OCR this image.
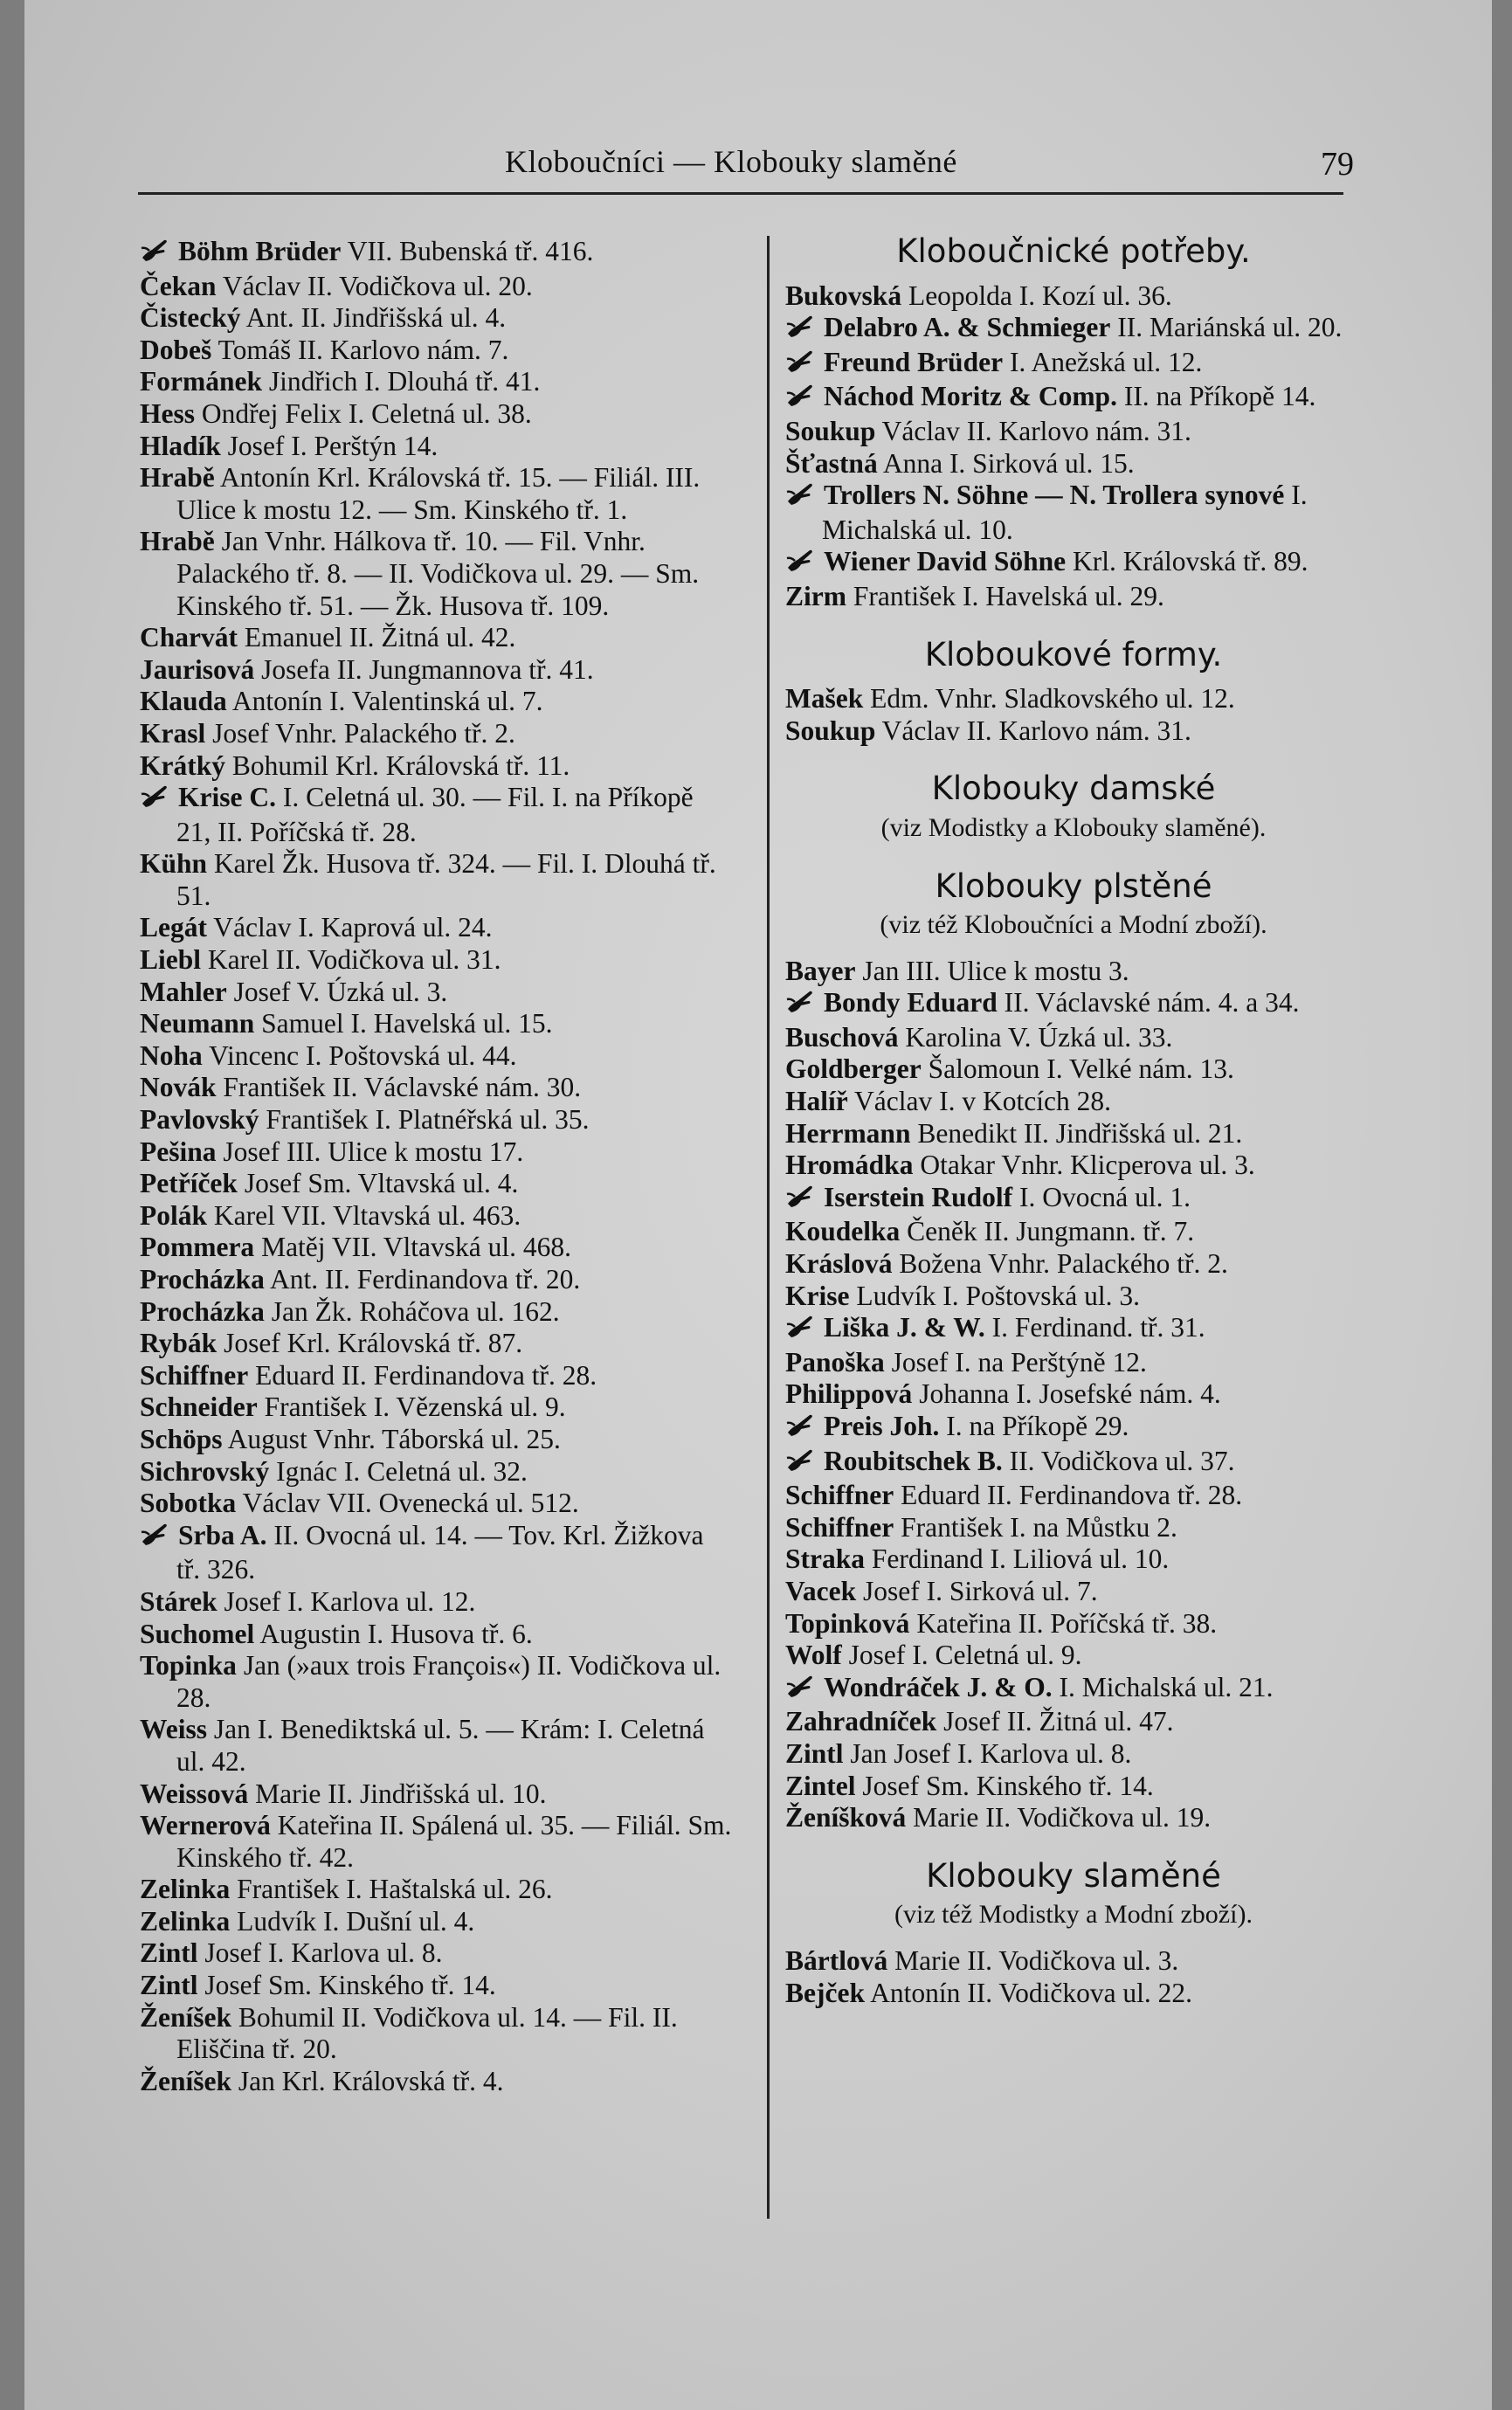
Kloboučníci — Klobouky slaměné	79

Böhm Brüder VII. Bubenská tř. 416.

Čekan Václav II. Vodičkova ul. 20.

Čistecký Ant. II. Jindřišská ul. 4.

Dobeš Tomáš II. Karlovo nám. 7.

Formánek Jindřich I. Dlouhá tř. 41.

Hess Ondřej Felix I. Celetná ul. 38.

Hladík Josef I. Perštýn 14.

Hrabě Antonín Krl. Královská tř. 15. — Filiál. III. Ulice k mostu 12. — Sm. Kinského tř. 1.

Hrabě Jan Vnhr. Hálkova tř. 10. — Fil. Vnhr. Palackého tř. 8. — II. Vodičkova ul. 29. — Sm. Kinského tř. 51. — Žk. Husova tř. 109.

Charvát Emanuel II. Žitná ul. 42.

Jaurisová Josefa II. Jungmannova tř. 41.

Klauda Antonín I. Valentinská ul. 7.

Krasl Josef Vnhr. Palackého tř. 2.

Krátký Bohumil Krl. Královská tř. 11.

Krise C. I. Celetná ul. 30. — Fil. I. na Příkopě 21, II. Poříčská tř. 28.

Kühn Karel Žk. Husova tř. 324. — Fil. I. Dlouhá tř. 51.

Legát Václav I. Kaprová ul. 24.

Liebl Karel II. Vodičkova ul. 31.

Mahler Josef V. Úzká ul. 3.

Neumann Samuel I. Havelská ul. 15.

Noha Vincenc I. Poštovská ul. 44.

Novák František II. Václavské nám. 30.

Pavlovský František I. Platnéřská ul. 35.

Pešina Josef III. Ulice k mostu 17.

Petříček Josef Sm. Vltavská ul. 4.

Polák Karel VII. Vltavská ul. 463.

Pommera Matěj VII. Vltavská ul. 468.

Procházka Ant. II. Ferdinandova tř. 20.

Procházka Jan Žk. Roháčova ul. 162.

Rybák Josef Krl. Královská tř. 87.

Schiffner Eduard II. Ferdinandova tř. 28.

Schneider František I. Vězenská ul. 9.

Schöps August Vnhr. Táborská ul. 25.

Sichrovský Ignác I. Celetná ul. 32.

Sobotka Václav VII. Ovenecká ul. 512.

Srba A. II. Ovocná ul. 14. — Tov. Krl. Žižkova tř. 326.

Stárek Josef I. Karlova ul. 12.

Suchomel Augustin I. Husova tř. 6.

Topinka Jan (»aux trois François«) II. Vodičkova ul. 28.

Weiss Jan I. Benediktská ul. 5. — Krám: I. Celetná ul. 42.

Weissová Marie II. Jindřišská ul. 10.

Wernerová Kateřina II. Spálená ul. 35. — Filiál. Sm. Kinského tř. 42.

Zelinka František I. Haštalská ul. 26.

Zelinka Ludvík I. Dušní ul. 4.

Zintl Josef I. Karlova ul. 8.

Zintl Josef Sm. Kinského tř. 14.

Ženíšek Bohumil II. Vodičkova ul. 14. — Fil. II. Eliščina tř. 20.

Ženíšek Jan Krl. Královská tř. 4.

Kloboučnické potřeby.

Bukovská Leopolda I. Kozí ul. 36.

Delabro A. & Schmieger II. Mariánská ul. 20.

Freund Brüder I. Anežská ul. 12.

Náchod Moritz & Comp. II. na Příkopě 14.

Soukup Václav II. Karlovo nám. 31.

Šťastná Anna I. Sirková ul. 15.

Trollers N. Söhne — N. Trollera synové I. Michalská ul. 10.

Wiener David Söhne Krl. Královská tř. 89.

Zirm František I. Havelská ul. 29.

Kloboukové formy.

Mašek Edm. Vnhr. Sladkovského ul. 12.

Soukup Václav II. Karlovo nám. 31.

Klobouky damské
(viz Modistky a Klobouky slaměné).
Klobouky plstěné
(viz též Kloboučníci a Modní zboží).

Bayer Jan III. Ulice k mostu 3.

Bondy Eduard II. Václavské nám. 4. a 34.

Buschová Karolina V. Úzká ul. 33.

Goldberger Šalomoun I. Velké nám. 13.

Halíř Václav I. v Kotcích 28.

Herrmann Benedikt II. Jindřišská ul. 21.

Hromádka Otakar Vnhr. Klicperova ul. 3.

Iserstein Rudolf I. Ovocná ul. 1.

Koudelka Čeněk II. Jungmann. tř. 7.

Kráslová Božena Vnhr. Palackého tř. 2.

Krise Ludvík I. Poštovská ul. 3.

Liška J. & W. I. Ferdinand. tř. 31.

Panoška Josef I. na Perštýně 12.

Philippová Johanna I. Josefské nám. 4.

Preis Joh. I. na Příkopě 29.

Roubitschek B. II. Vodičkova ul. 37.

Schiffner Eduard II. Ferdinandova tř. 28.

Schiffner František I. na Můstku 2.

Straka Ferdinand I. Liliová ul. 10.

Vacek Josef I. Sirková ul. 7.

Topinková Kateřina II. Poříčská tř. 38.

Wolf Josef I. Celetná ul. 9.

Wondráček J. & O. I. Michalská ul. 21.

Zahradníček Josef II. Žitná ul. 47.

Zintl Jan Josef I. Karlova ul. 8.

Zintel Josef Sm. Kinského tř. 14.

Ženíšková Marie II. Vodičkova ul. 19.

Klobouky slaměné
(viz též Modistky a Modní zboží).

Bártlová Marie II. Vodičkova ul. 3.

Bejček Antonín II. Vodičkova ul. 22.
